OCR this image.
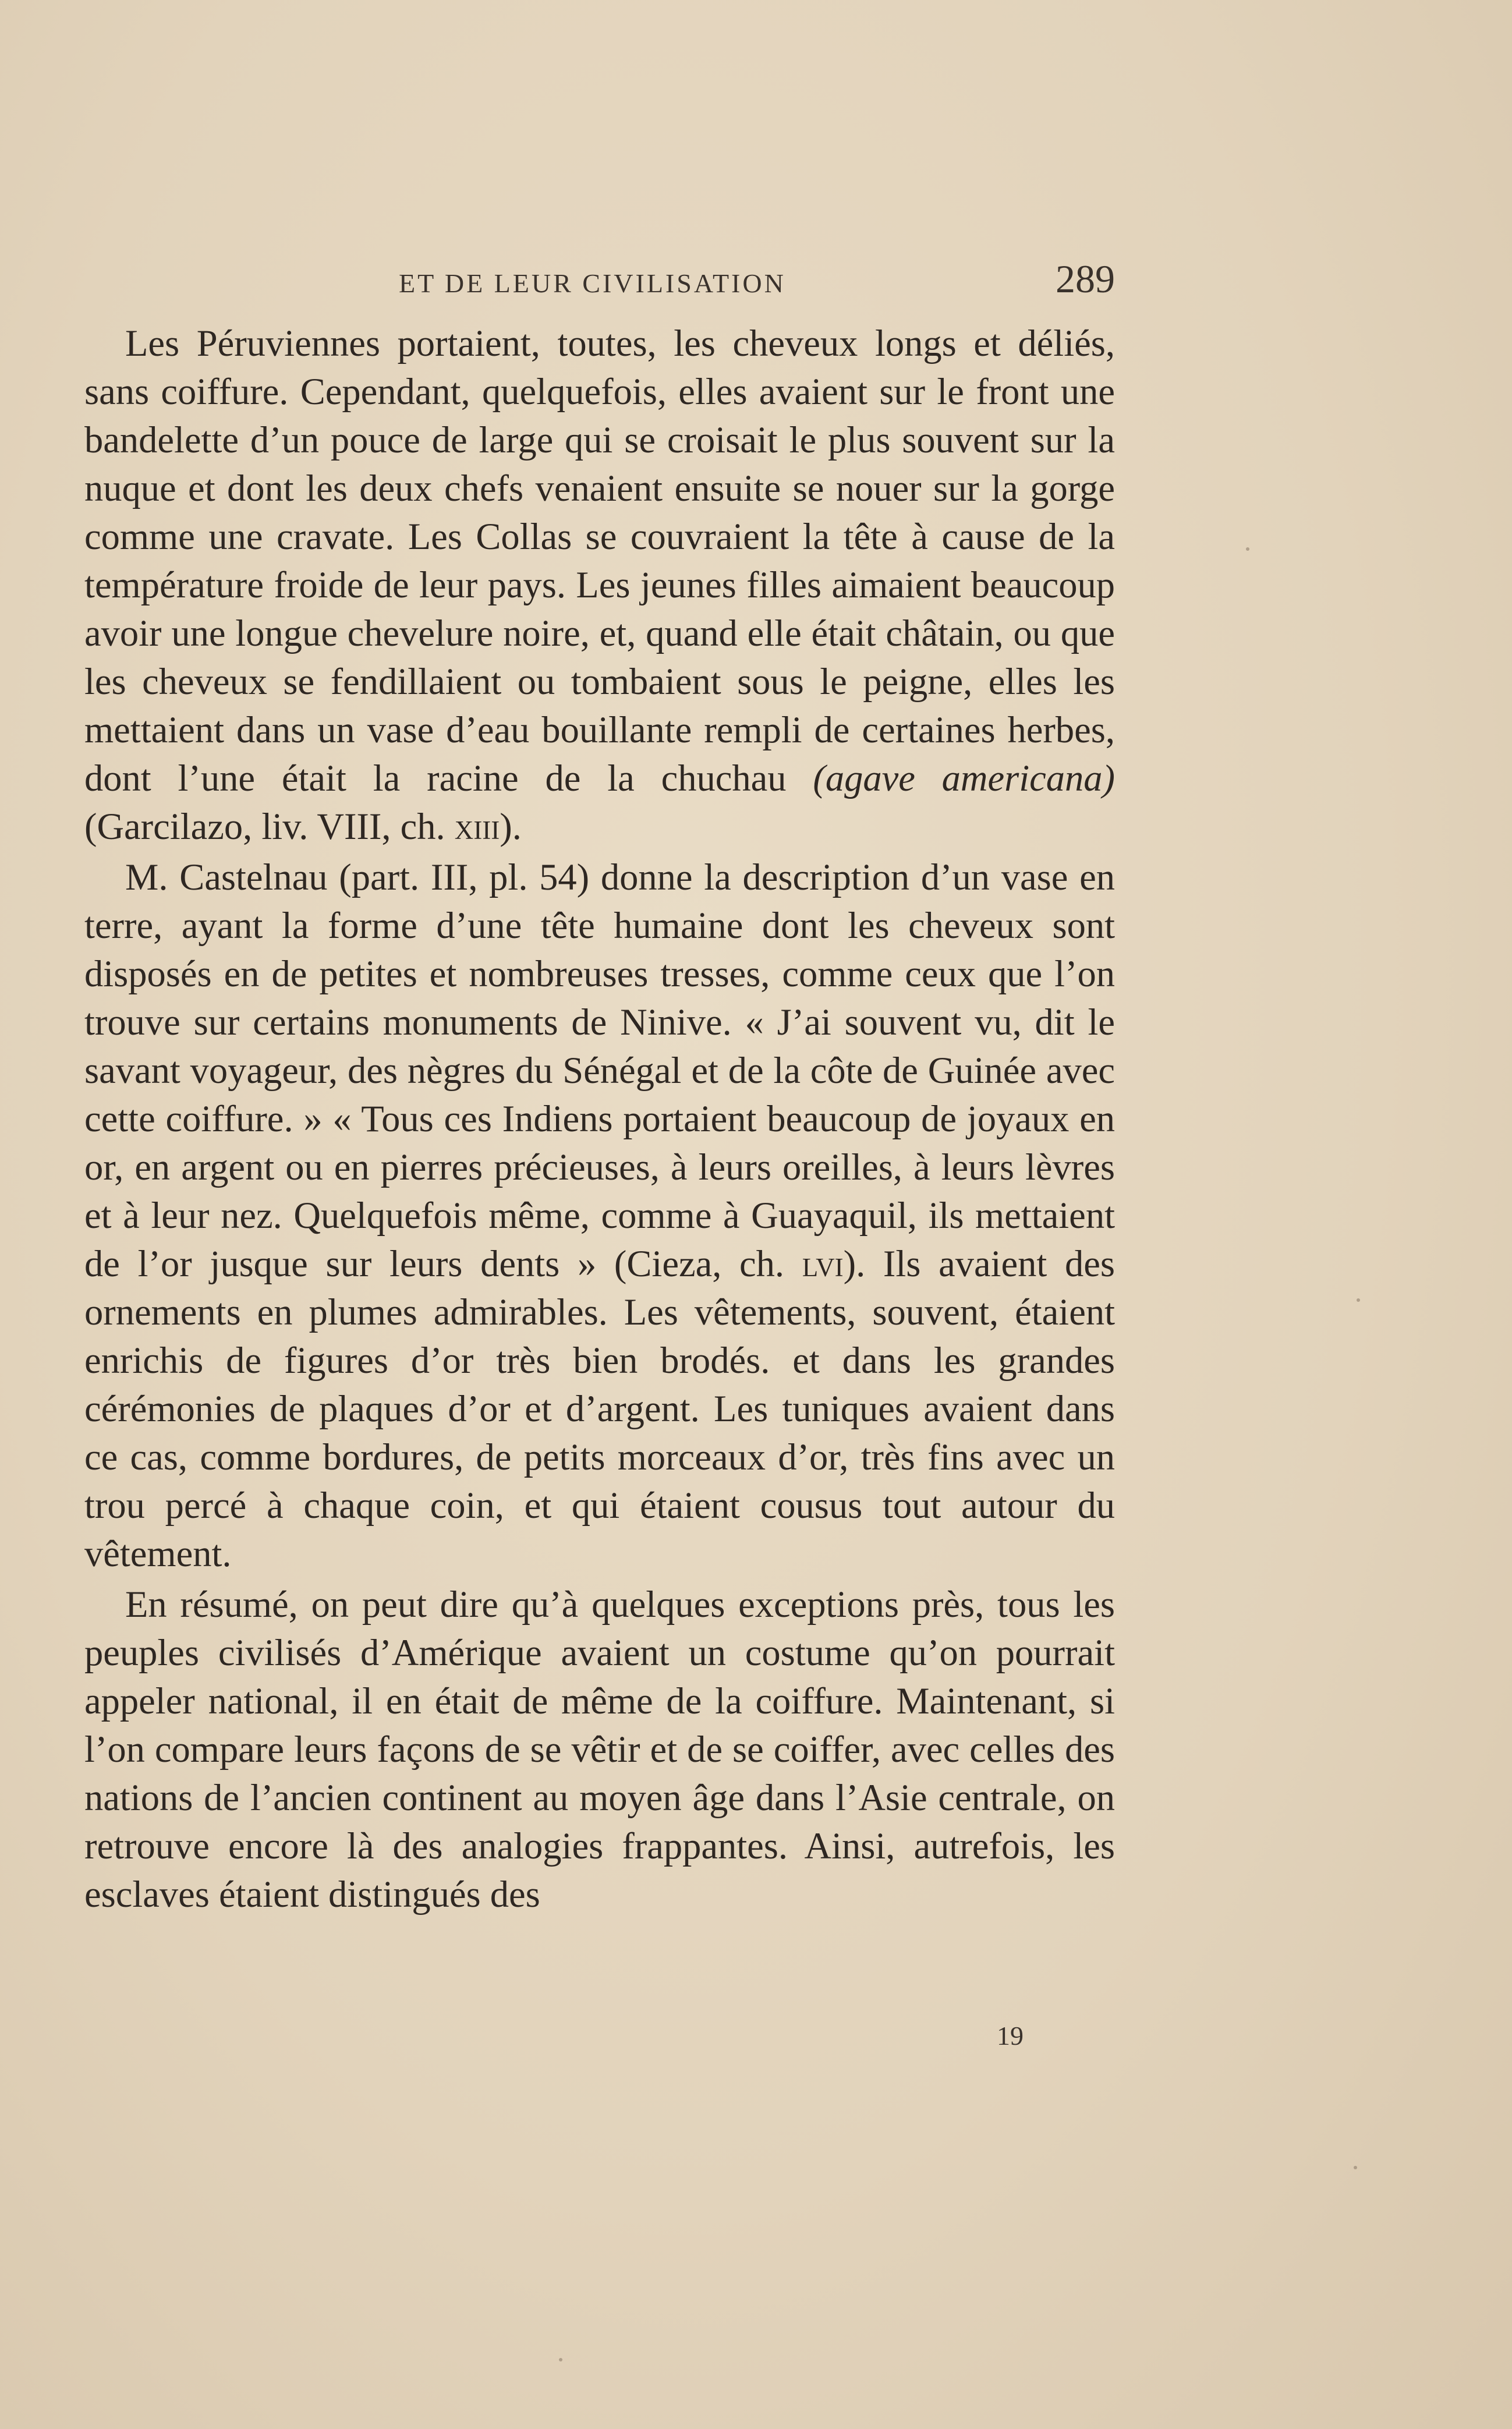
ET DE LEUR CIVILISATION	289

Les Péruviennes portaient, toutes, les cheveux longs et déliés, sans coiffure. Cependant, quelquefois, elles avaient sur le front une bandelette d’un pouce de large qui se croisait le plus souvent sur la nuque et dont les deux chefs venaient ensuite se nouer sur la gorge comme une cravate. Les Collas se couvraient la tête à cause de la température froide de leur pays. Les jeunes filles aimaient beaucoup avoir une longue chevelure noire, et, quand elle était châtain, ou que les cheveux se fendillaient ou tombaient sous le peigne, elles les mettaient dans un vase d’eau bouillante rempli de certaines herbes, dont l’une était la racine de la chuchau (agave americana) (Garcilazo, liv. VIII, ch. xiii).

M. Castelnau (part. III, pl. 54) donne la description d’un vase en terre, ayant la forme d’une tête humaine dont les cheveux sont disposés en de petites et nombreuses tresses, comme ceux que l’on trouve sur certains monuments de Ninive. « J’ai souvent vu, dit le savant voyageur, des nègres du Sénégal et de la côte de Guinée avec cette coiffure. » « Tous ces Indiens portaient beaucoup de joyaux en or, en argent ou en pierres précieuses, à leurs oreilles, à leurs lèvres et à leur nez. Quelquefois même, comme à Guayaquil, ils mettaient de l’or jusque sur leurs dents » (Cieza, ch. lvi). Ils avaient des ornements en plumes admirables. Les vêtements, souvent, étaient enrichis de figures d’or très bien brodés. et dans les grandes cérémonies de plaques d’or et d’argent. Les tuniques avaient dans ce cas, comme bordures, de petits morceaux d’or, très fins avec un trou percé à chaque coin, et qui étaient cousus tout autour du vêtement.

En résumé, on peut dire qu’à quelques exceptions près, tous les peuples civilisés d’Amérique avaient un costume qu’on pourrait appeler national, il en était de même de la coiffure. Maintenant, si l’on compare leurs façons de se vêtir et de se coiffer, avec celles des nations de l’ancien continent au moyen âge dans l’Asie centrale, on retrouve encore là des analogies frappantes. Ainsi, autrefois, les esclaves étaient distingués des

19
